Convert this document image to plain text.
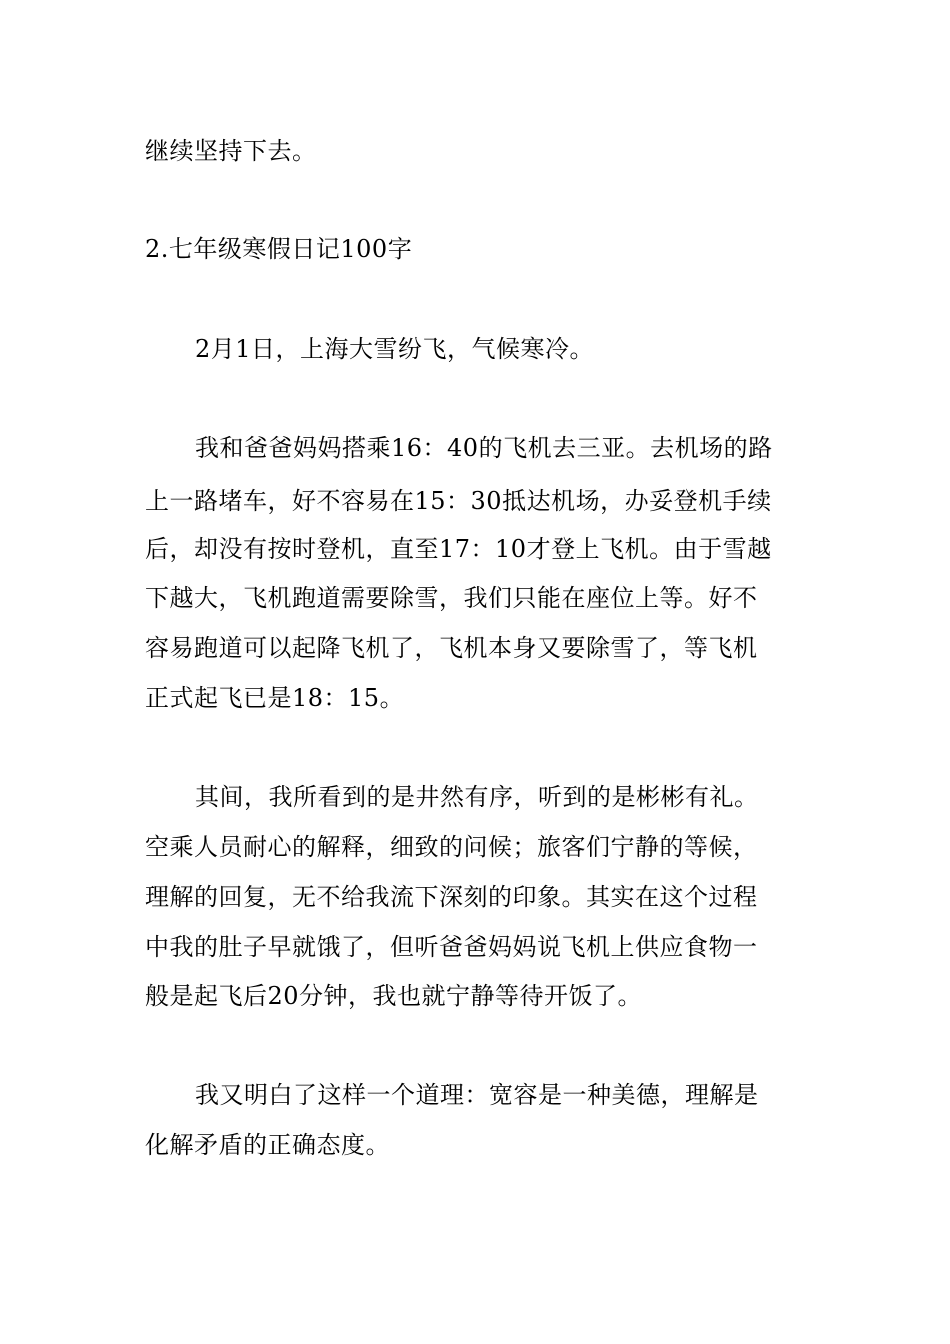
继续坚持下去。
2.七年级寒假日记100字
2月1日，上海大雪纷飞，气候寒冷。
我和爸爸妈妈搭乘16：40的飞机去三亚。去机场的路
上一路堵车，好不容易在15：30抵达机场，办妥登机手续
后，却没有按时登机，直至17：10才登上飞机。由于雪越
下越大，飞机跑道需要除雪，我们只能在座位上等。好不
容易跑道可以起降飞机了，飞机本身又要除雪了，等飞机
正式起飞已是18：15。
其间，我所看到的是井然有序，听到的是彬彬有礼。
空乘人员耐心的解释，细致的问候；旅客们宁静的等候，
理解的回复，无不给我流下深刻的印象。其实在这个过程
中我的肚子早就饿了，但听爸爸妈妈说飞机上供应食物一
般是起飞后20分钟，我也就宁静等待开饭了。
我又明白了这样一个道理：宽容是一种美德，理解是
化解矛盾的正确态度。
